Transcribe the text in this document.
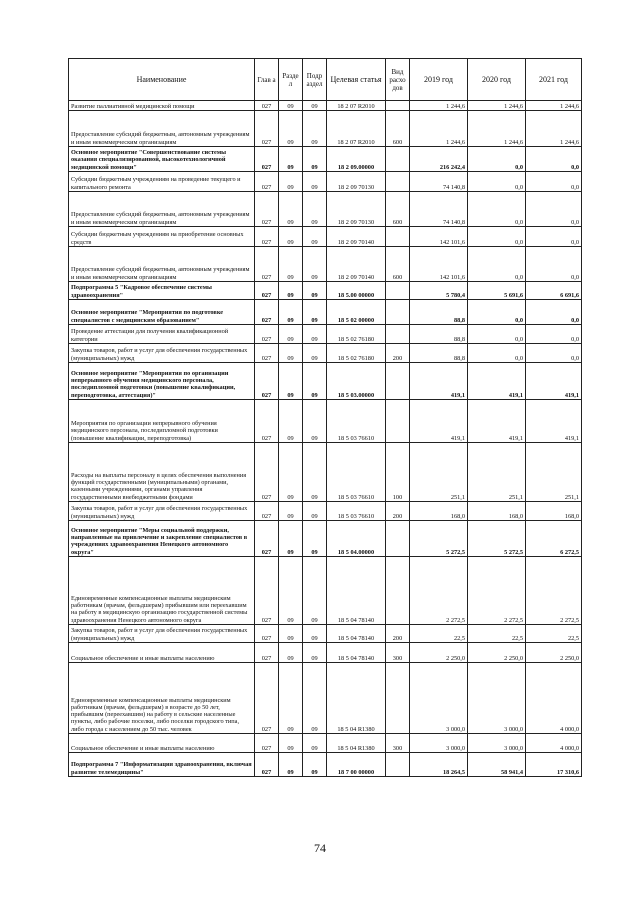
Наименование	Глав а	Разде л	Подр аздел	Целевая статья	Вид расхо дов	2019 год	2020 год	2021 год
Развитие паллиативной медицинской помощи	027	09	09	18 2 07 R2010		1 244,6	1 244,6	1 244,6
Предоставление субсидий бюджетным, автономным учреждениям и иным некоммерческим организациям	027	09	09	18 2 07 R2010	600	1 244,6	1 244,6	1 244,6
Основное мероприятие "Совершенствование системы оказания специализированной, высокотехнологичной медицинской помощи"	027	09	09	18 2 09.00000		216 242,4	0,0	0,0
Субсидии бюджетным учреждениям на проведение текущего и капитального ремонта	027	09	09	18 2 09 70130		74 140,8	0,0	0,0
Предоставление субсидий бюджетным, автономным учреждениям и иным некоммерческим организациям	027	09	09	18 2 09 70130	600	74 140,8	0,0	0,0
Субсидии бюджетным учреждениям на приобретение основных средств	027	09	09	18 2 09 70140		142 101,6	0,0	0,0
Предоставление субсидий бюджетным, автономным учреждениям и иным некоммерческим организациям	027	09	09	18 2 09 70140	600	142 101,6	0,0	0,0
Подпрограмма 5 "Кадровое обеспечение системы здравоохранения"	027	09	09	18 5.00 00000		5 780,4	5 691,6	6 691,6
Основное мероприятие "Мероприятия по подготовке специалистов с медицинским образованием"	027	09	09	18 5 02 00000		88,8	0,0	0,0
Проведение аттестации для получения квалификационной категории	027	09	09	18 5 02 76180		88,8	0,0	0,0
Закупка товаров, работ и услуг для обеспечения государственных (муниципальных) нужд	027	09	09	18 5 02 76180	200	88,8	0,0	0,0
Основное мероприятие "Мероприятия по организации непрерывного обучения медицинского персонала, последипломной подготовки (повышение квалификации, переподготовка, аттестация)"	027	09	09	18 5 03.00000		419,1	419,1	419,1
Мероприятия по организации непрерывного обучения медицинского персонала, последипломной подготовки (повышение квалификации, переподготовка)	027	09	09	18 5 03 76610		419,1	419,1	419,1
Расходы на выплаты персоналу в целях обеспечения выполнения функций государственными (муниципальными) органами, казенными учреждениями, органами управления государственными внебюджетными фондами	027	09	09	18 5 03 76610	100	251,1	251,1	251,1
Закупка товаров, работ и услуг для обеспечения государственных (муниципальных) нужд	027	09	09	18 5 03 76610	200	168,0	168,0	168,0
Основное мероприятие "Меры социальной поддержки, направленные на привлечение и закрепление специалистов в учреждениях здравоохранения Ненецкого автономного округа"	027	09	09	18 5 04.00000		5 272,5	5 272,5	6 272,5
Единовременные компенсационные выплаты медицинским работникам (врачам, фельдшерам) прибывшим или переехавшим на работу в медицинскую организацию государственной системы здравоохранения Ненецкого автономного округа	027	09	09	18 5 04 78140		2 272,5	2 272,5	2 272,5
Закупка товаров, работ и услуг для обеспечения государственных (муниципальных) нужд	027	09	09	18 5 04 78140	200	22,5	22,5	22,5
Социальное обеспечение и иные выплаты населению	027	09	09	18 5 04 78140	300	2 250,0	2 250,0	2 250,0
Единовременные компенсационные выплаты медицинским работникам (врачам, фельдшерам) в возрасте до 50 лет, прибывшим (переехавшим) на работу в сельские населенные пункты, либо рабочие поселки, либо поселки городского типа, либо города с населением до 50 тыс. человек	027	09	09	18 5 04 R1380		3 000,0	3 000,0	4 000,0
Социальное обеспечение и иные выплаты населению	027	09	09	18 5 04 R1380	300	3 000,0	3 000,0	4 000,0
Подпрограмма 7 "Информатизация здравоохранения, включая развитие телемедицины"	027	09	09	18 7 00 00000		18 264,5	58 941,4	17 310,6
74
